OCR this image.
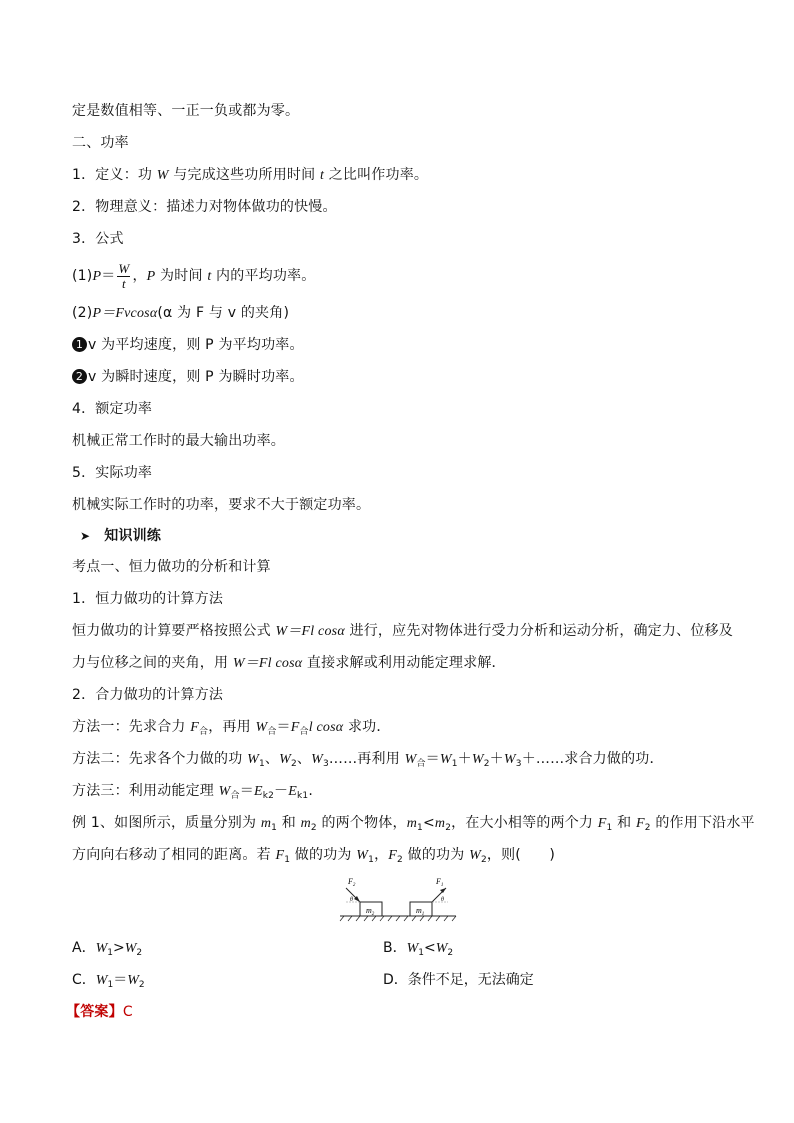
定是数值相等、一正一负或都为零。
二、功率
1．定义：功 W 与完成这些功所用时间 t 之比叫作功率。
2．物理意义：描述力对物体做功的快慢。
3．公式
$(1)P= \frac{W}{t}$ ，P 为时间 t 内的平均功率。
(2)P＝Fvcosα(α 为 F 与 v 的夹角)
1 v 为平均速度，则 P 为平均功率。
2 v 为瞬时速度，则 P 为瞬时功率。
4．额定功率
机械正常工作时的最大输出功率。
5．实际功率
机械实际工作时的功率，要求不大于额定功率。
➤ 知识训练
考点一、恒力做功的分析和计算
1．恒力做功的计算方法
恒力做功的计算要严格按照公式 W＝Fl cosα 进行，应先对物体进行受力分析和运动分析，确定力、位移及
力与位移之间的夹角，用 W＝Fl cosα 直接求解或利用动能定理求解．
2．合力做功的计算方法
方法一：先求合力 $F_合$，再用 $W_合=F_合l$ cosα 求功．
方法二：先求各个力做的功 $W_1$、$W_2$、$W_3\dots\dots$再利用 $W_合=W_1+W_2+W_3+\dots\dots$求合力做的功．
方法三：利用动能定理 $W_合=E_{k2}-E_{k1}$.
例 1、如图所示，质量分别为 $m_1$ 和 $m_2$ 的两个物体，$m_1<m_2$，在大小相等的两个力 $F_1$ 和 $F_2$ 的作用下沿水平
方向向右移动了相同的距离。若 $F_1$ 做的功为 $W_1$，$F_2$ 做的功为 $W_2$，则(　　)
$m_2$	$m_1$
$F_2$
θ
$F_1$
θ
A．$W_1>W_2$	B．$W_1<W_2$
C．$W_1=W_2$	D．条件不足，无法确定
【答案】C
